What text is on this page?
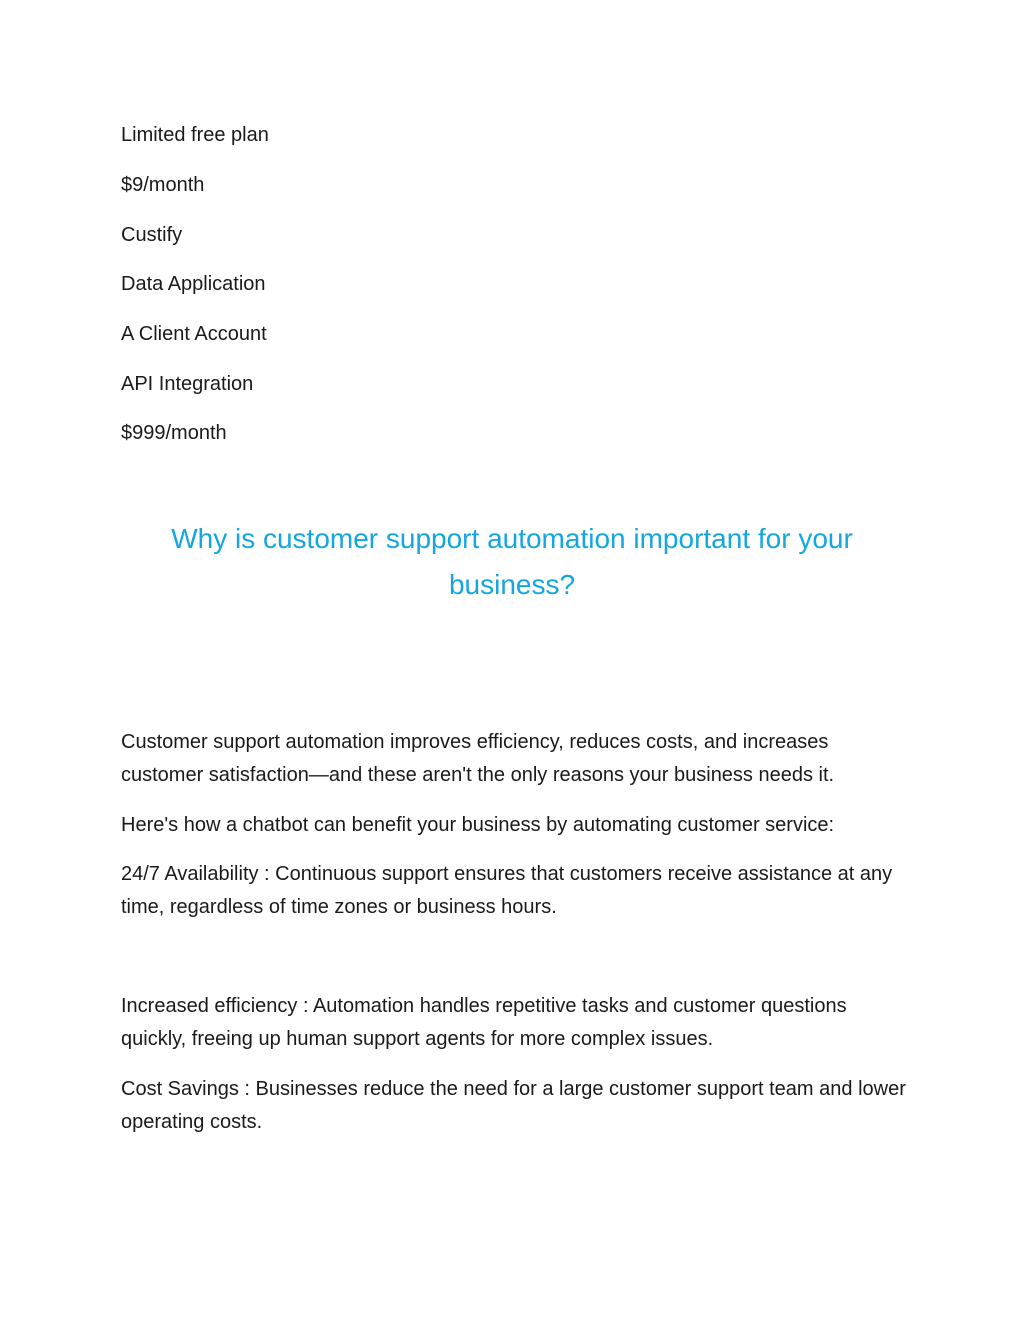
Limited free plan

$9/month

Custify

Data Application

A Client Account

API Integration

$999/month

Why is customer support automation important for your business?

Customer support automation improves efficiency, reduces costs, and increases customer satisfaction—and these aren't the only reasons your business needs it.

Here's how a chatbot can benefit your business by automating customer service:

24/7 Availability : Continuous support ensures that customers receive assistance at any time, regardless of time zones or business hours.

Increased efficiency : Automation handles repetitive tasks and customer questions quickly, freeing up human support agents for more complex issues.

Cost Savings : Businesses reduce the need for a large customer support team and lower operating costs.
